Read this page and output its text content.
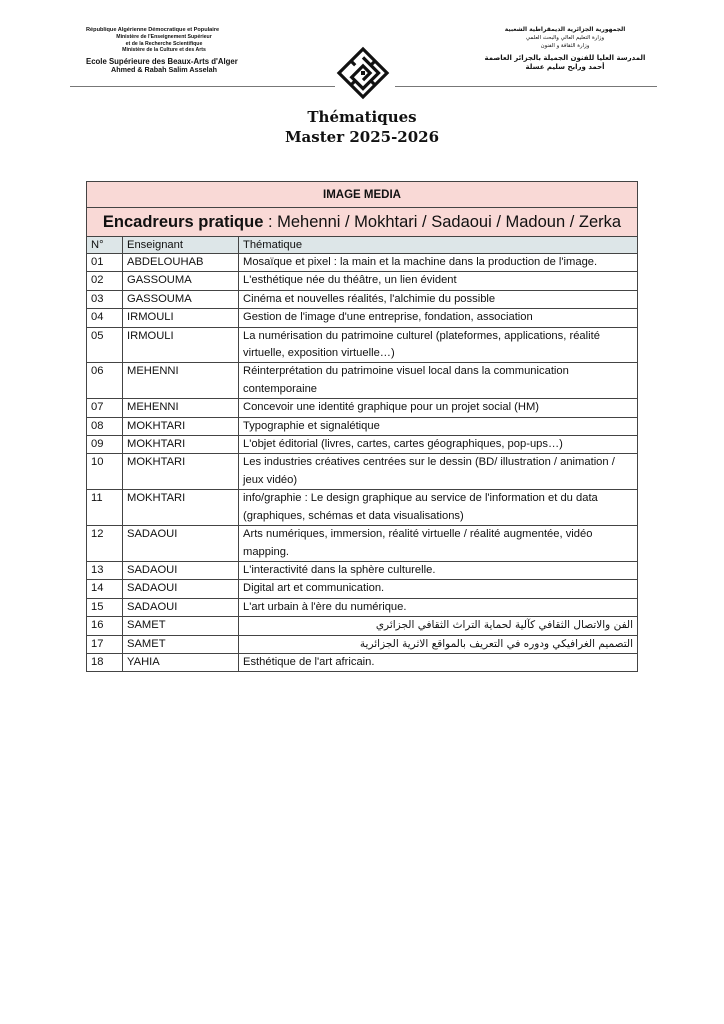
République Algérienne Démocratique et Populaire
Ministère de l'Enseignement Supérieur
et de la Recherche Scientifique
Ministère de la Culture et des Arts
Ecole Supérieure des Beaux-Arts d'Alger
Ahmed & Rabah Salim Asselah
الجمهورية الجزائرية الديمقراطية الشعبية
وزارة التعليم العالي والبحث العلمي
وزارة الثقافة و الفنون
المدرسة العليا للفنون الجميلة بالجزائر العاصمة
أحمد ورابح سليم عسلة
Thématiques
Master 2025-2026
IMAGE MEDIA		
Encadreurs pratique : Mehenni / Mokhtari / Sadaoui / Madoun / Zerka		
N°	Enseignant	Thématique
01	ABDELOUHAB	Mosaïque et pixel : la main et la machine dans la production de l'image.
02	GASSOUMA	L'esthétique née du théâtre, un lien évident
03	GASSOUMA	Cinéma et nouvelles réalités, l'alchimie du possible
04	IRMOULI	Gestion de l'image d'une entreprise, fondation, association
05	IRMOULI	La numérisation du patrimoine culturel (plateformes, applications, réalité virtuelle, exposition virtuelle…)
06	MEHENNI	Réinterprétation du patrimoine visuel local dans la communication contemporaine
07	MEHENNI	Concevoir une identité graphique pour un projet social (HM)
08	MOKHTARI	Typographie et signalétique
09	MOKHTARI	L'objet éditorial (livres, cartes, cartes géographiques, pop-ups…)
10	MOKHTARI	Les industries créatives centrées sur le dessin (BD/ illustration / animation / jeux vidéo)
11	MOKHTARI	info/graphie : Le design graphique au service de l'information et du data (graphiques, schémas et data visualisations)
12	SADAOUI	Arts numériques, immersion, réalité virtuelle / réalité augmentée, vidéo mapping.
13	SADAOUI	L'interactivité dans la sphère culturelle.
14	SADAOUI	Digital art et communication.
15	SADAOUI	L'art urbain à l'ère du numérique.
16	SAMET	الفن والاتصال الثقافي كآلية لحماية التراث الثقافي الجزائري
17	SAMET	التصميم الغرافيكي ودوره في التعريف بالمواقع الاثرية الجزائرية
18	YAHIA	Esthétique de l'art africain.
